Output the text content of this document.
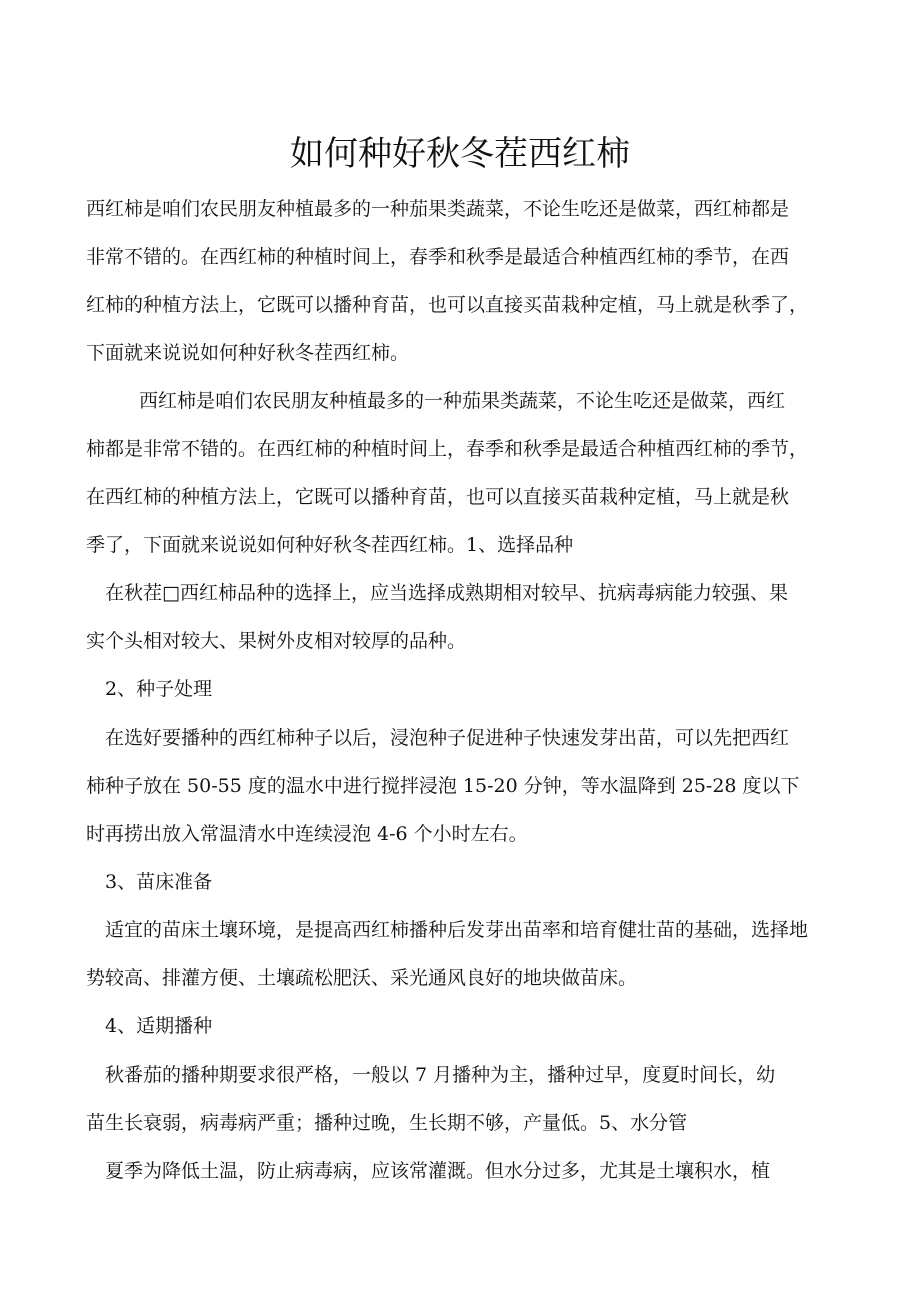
如何种好秋冬茬西红柿
西红柿是咱们农民朋友种植最多的一种茄果类蔬菜，不论生吃还是做菜，西红柿都是
非常不错的。在西红柿的种植时间上，春季和秋季是最适合种植西红柿的季节，在西
红柿的种植方法上，它既可以播种育苗，也可以直接买苗栽种定植，马上就是秋季了，
下面就来说说如何种好秋冬茬西红柿。
西红柿是咱们农民朋友种植最多的一种茄果类蔬菜，不论生吃还是做菜，西红
柿都是非常不错的。在西红柿的种植时间上，春季和秋季是最适合种植西红柿的季节，
在西红柿的种植方法上，它既可以播种育苗，也可以直接买苗栽种定植，马上就是秋
季了，下面就来说说如何种好秋冬茬西红柿。1、选择品种
在秋茬□西红柿品种的选择上，应当选择成熟期相对较早、抗病毒病能力较强、果
实个头相对较大、果树外皮相对较厚的品种。
2、种子处理
在选好要播种的西红柿种子以后，浸泡种子促进种子快速发芽出苗，可以先把西红
柿种子放在 50-55 度的温水中进行搅拌浸泡 15-20 分钟，等水温降到 25-28 度以下
时再捞出放入常温清水中连续浸泡 4-6 个小时左右。
3、苗床准备
适宜的苗床土壤环境，是提高西红柿播种后发芽出苗率和培育健壮苗的基础，选择地
势较高、排灌方便、土壤疏松肥沃、采光通风良好的地块做苗床。
4、适期播种
秋番茄的播种期要求很严格，一般以 7 月播种为主，播种过早，度夏时间长，幼
苗生长衰弱，病毒病严重；播种过晚，生长期不够，产量低。5、水分管
夏季为降低土温，防止病毒病，应该常灌溉。但水分过多，尤其是土壤积水，植
